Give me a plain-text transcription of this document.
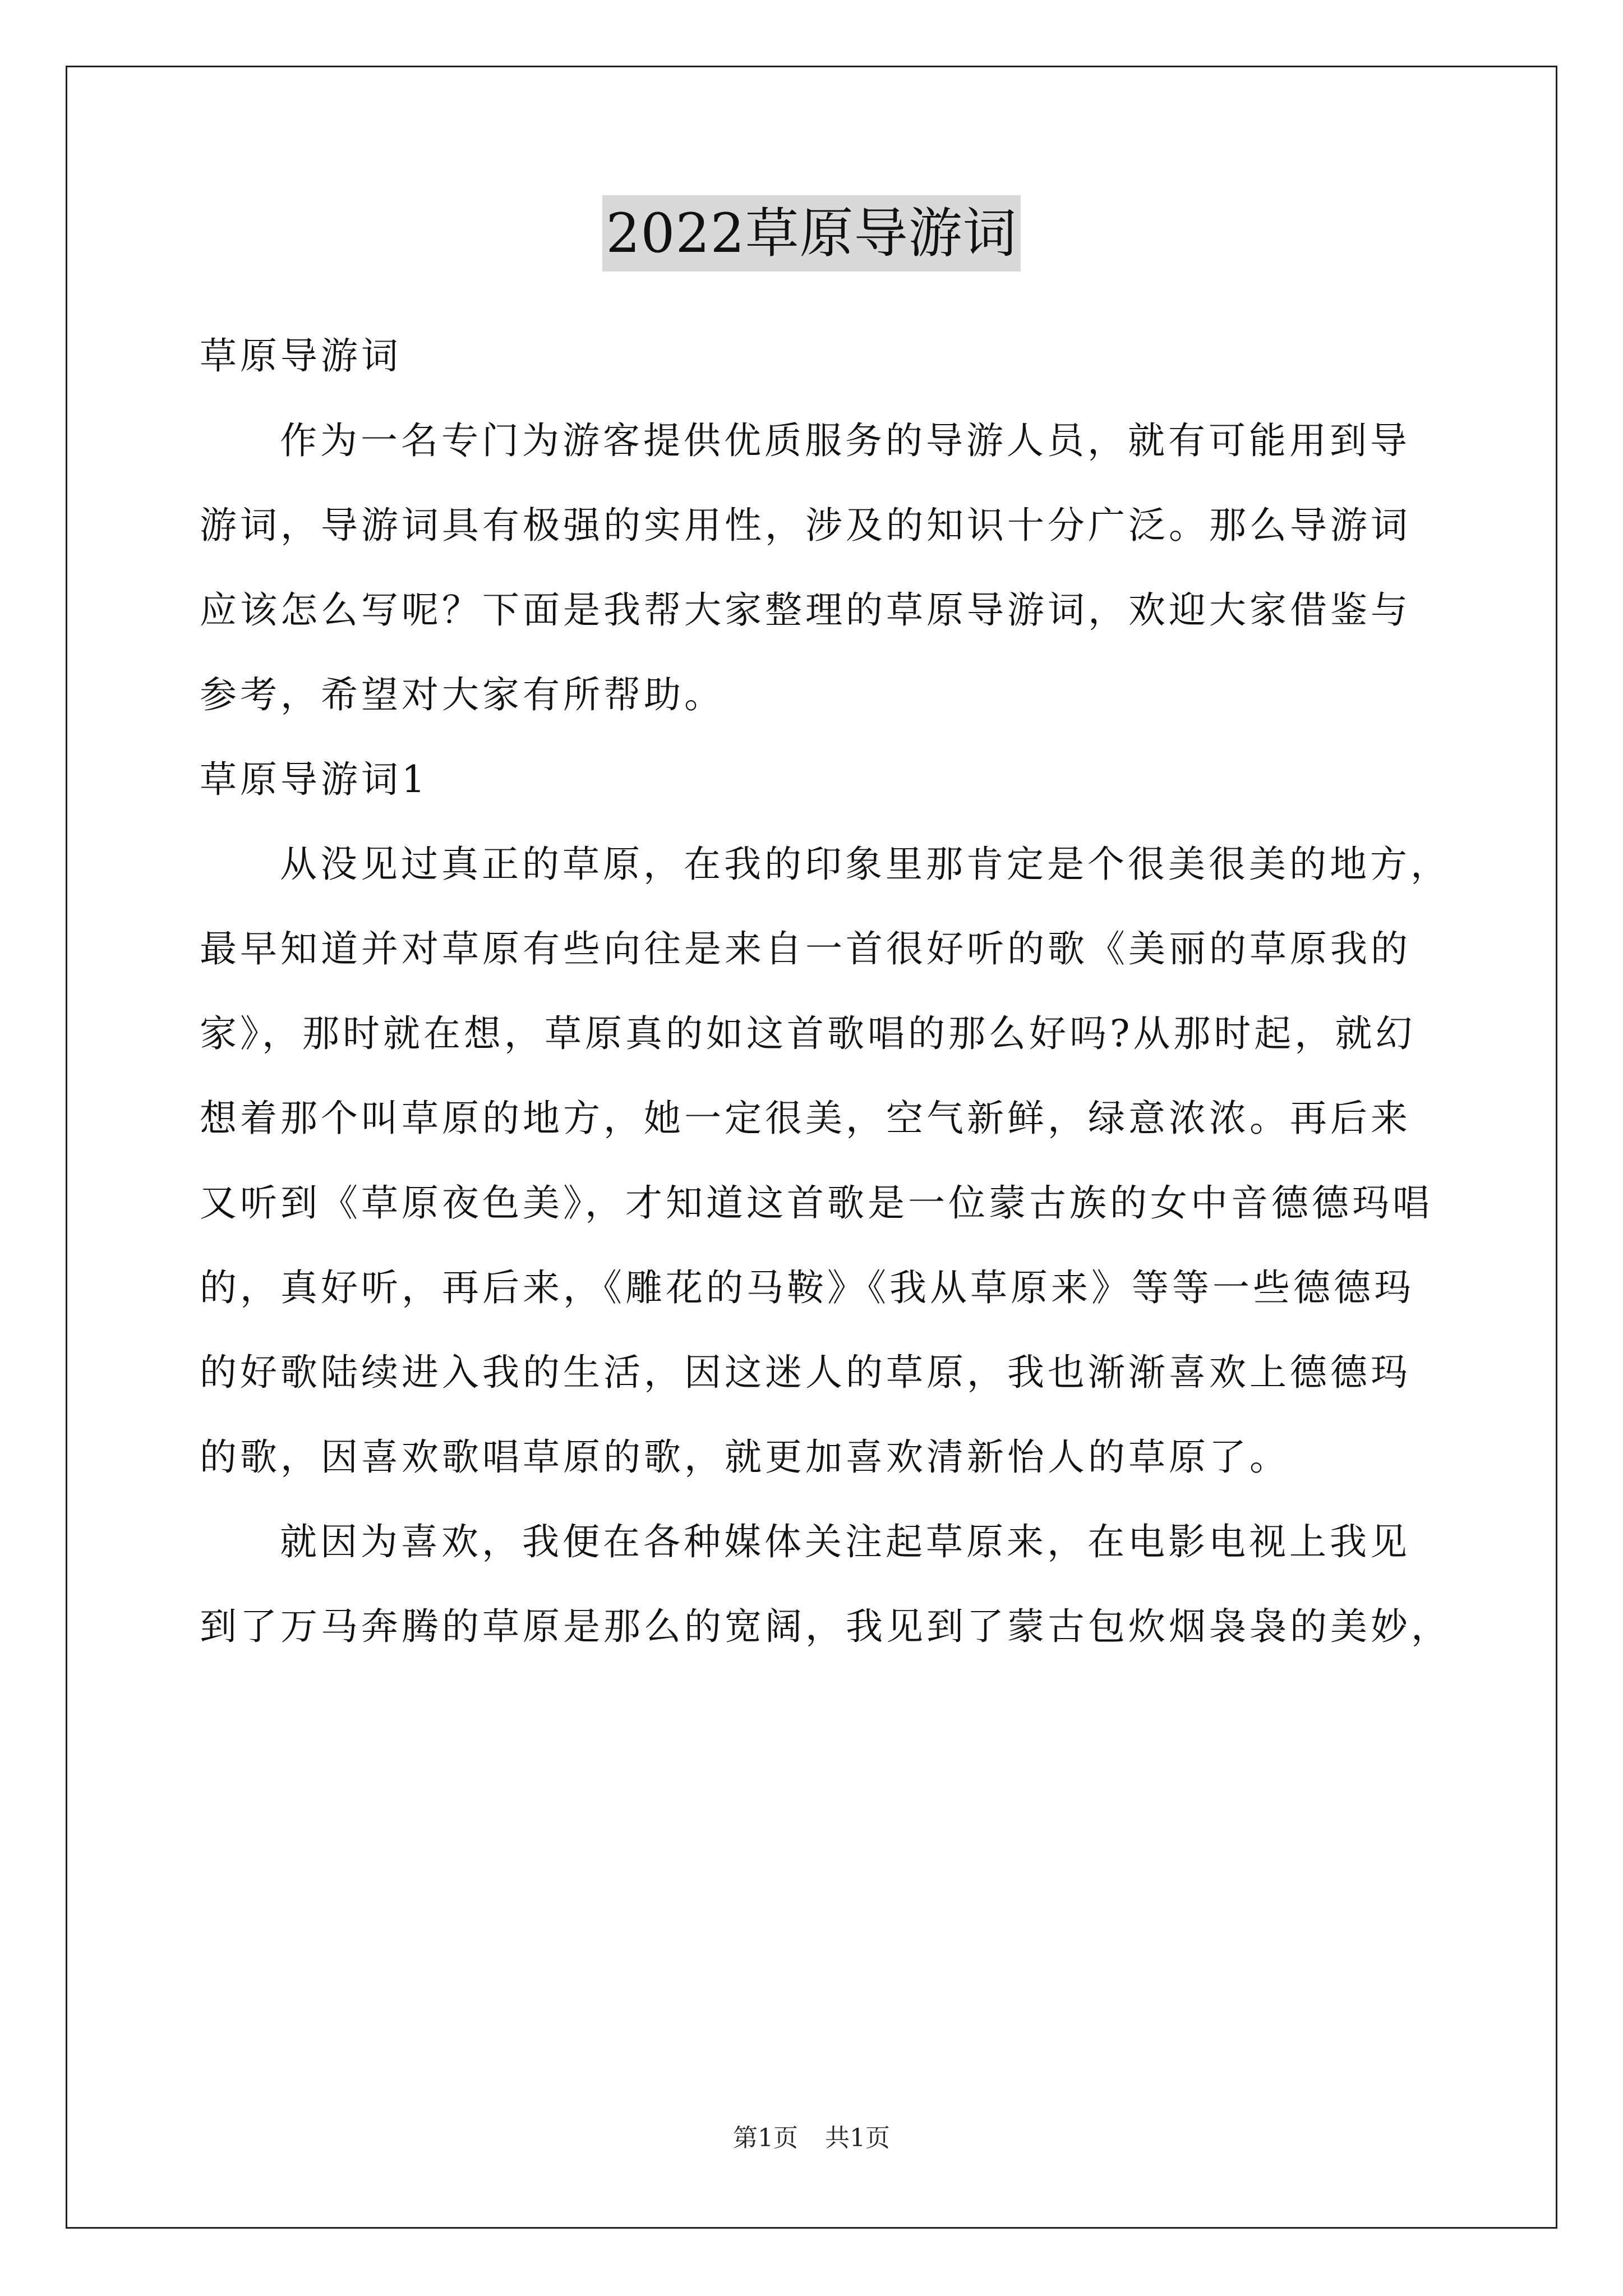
2022草原导游词
草原导游词
作为一名专门为游客提供优质服务的导游人员，就有可能用到导
游词，导游词具有极强的实用性，涉及的知识十分广泛。那么导游词
应该怎么写呢？下面是我帮大家整理的草原导游词，欢迎大家借鉴与
参考，希望对大家有所帮助。
草原导游词1
从没见过真正的草原，在我的印象里那肯定是个很美很美的地方，
最早知道并对草原有些向往是来自一首很好听的歌《美丽的草原我的
家》，那时就在想，草原真的如这首歌唱的那么好吗?从那时起，就幻
想着那个叫草原的地方，她一定很美，空气新鲜，绿意浓浓。再后来
又听到《草原夜色美》，才知道这首歌是一位蒙古族的女中音德德玛唱
的，真好听，再后来，《雕花的马鞍》《我从草原来》等等一些德德玛
的好歌陆续进入我的生活，因这迷人的草原，我也渐渐喜欢上德德玛
的歌，因喜欢歌唱草原的歌，就更加喜欢清新怡人的草原了。
就因为喜欢，我便在各种媒体关注起草原来，在电影电视上我见
到了万马奔腾的草原是那么的宽阔，我见到了蒙古包炊烟袅袅的美妙，
第1页 共1页
